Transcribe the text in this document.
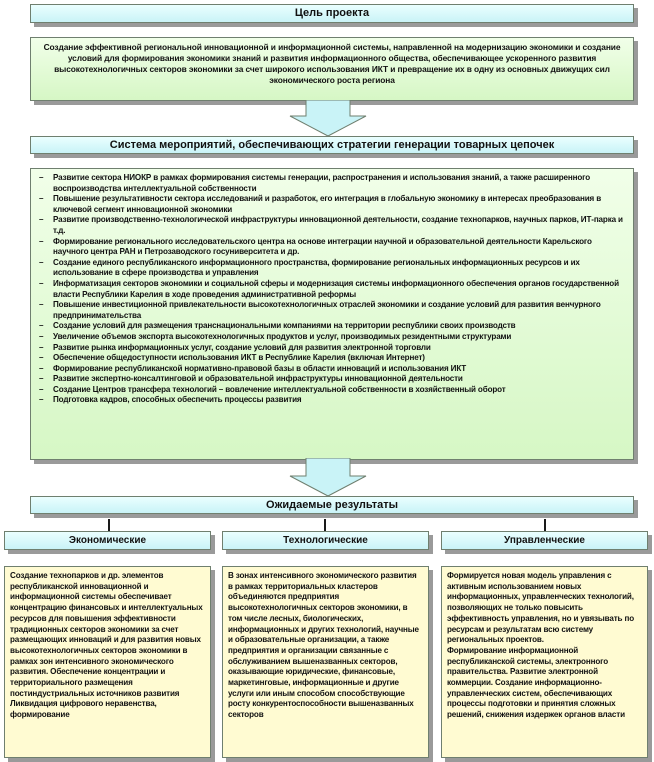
Цель проекта
Создание эффективной региональной инновационной и информационной системы, направленной на модернизацию экономики и создание условий для формирования экономики знаний и развития информационного общества, обеспечивающее ускоренного развития высокотехнологичных секторов экономики за счет широкого использования ИКТ и превращение их в одну из основных движущих сил экономического роста региона
Система мероприятий, обеспечивающих стратегии генерации товарных цепочек
– Развитие сектора НИОКР в рамках формирования системы генерации, распространения и использования знаний, а также расширенного воспроизводства интеллектуальной собственности
– Повышение результативности сектора исследований и разработок, его интеграция в глобальную экономику в интересах преобразования в ключевой сегмент инновационной экономики
– Развитие производственно-технологической инфраструктуры инновационной деятельности, создание технопарков, научных парков, ИТ-парка и т.д.
– Формирование регионального исследовательского центра на основе интеграции научной и образовательной деятельности Карельского научного центра РАН и Петрозаводского госуниверситета и др.
– Создание единого республиканского информационного пространства, формирование региональных информационных ресурсов и их использование в сфере производства и управления
– Информатизация секторов экономики и социальной сферы и модернизация системы информационного обеспечения органов государственной власти Республики Карелия в ходе проведения административной реформы
– Повышение инвестиционной привлекательности высокотехнологичных отраслей экономики и создание условий для развития венчурного предпринимательства
– Создание условий для размещения транснациональными компаниями на территории республики своих производств
– Увеличение объемов экспорта высокотехнологичных продуктов и услуг, производимых резидентными структурами
– Развитие рынка информационных услуг, создание условий для развития электронной торговли
– Обеспечение общедоступности использования ИКТ в Республике Карелия (включая Интернет)
– Формирование республиканской нормативно-правовой базы в области инноваций и использования ИКТ
– Развитие экспертно-консалтинговой и образовательной инфраструктуры инновационной деятельности
– Создание Центров трансфера технологий – вовлечение интеллектуальной собственности в хозяйственный оборот
– Подготовка кадров, способных обеспечить процессы развития
Ожидаемые результаты
Экономические	Технологические	Управленческие

Создание технопарков и др. элементов республиканской инновационной и информационной системы обеспечивает концентрацию финансовых и интеллектуальных ресурсов для повышения эффективности традиционных секторов экономики за счет размещающих инноваций и для развития новых высокотехнологичных секторов экономики в рамках зон интенсивного экономического развития. Обеспечение концентрации и территориального размещения постиндустриальных источников развития Ликвидация цифрового неравенства, формирование

В зонах интенсивного экономического развития в рамках территориальных кластеров объединяются предприятия высокотехнологичных секторов экономики, в том числе лесных, биологических, информационных и других технологий, научные и образовательные организации, а также предприятия и организации связанные с обслуживанием вышеназванных секторов, оказывающие юридические, финансовые, маркетинговые, информационные и другие услуги или иным способом способствующие росту конкурентоспособности вышеназванных секторов

Формируется новая модель управления с активным использованием новых информационных, управленческих технологий, позволяющих не только повысить эффективность управления, но и увязывать по ресурсам и результатам всю систему региональных проектов.

Формирование информационной республиканской системы, электронного правительства. Развитие электронной коммерции. Создание информационно-управленческих систем, обеспечивающих процессы подготовки и принятия сложных решений, снижения издержек органов власти
